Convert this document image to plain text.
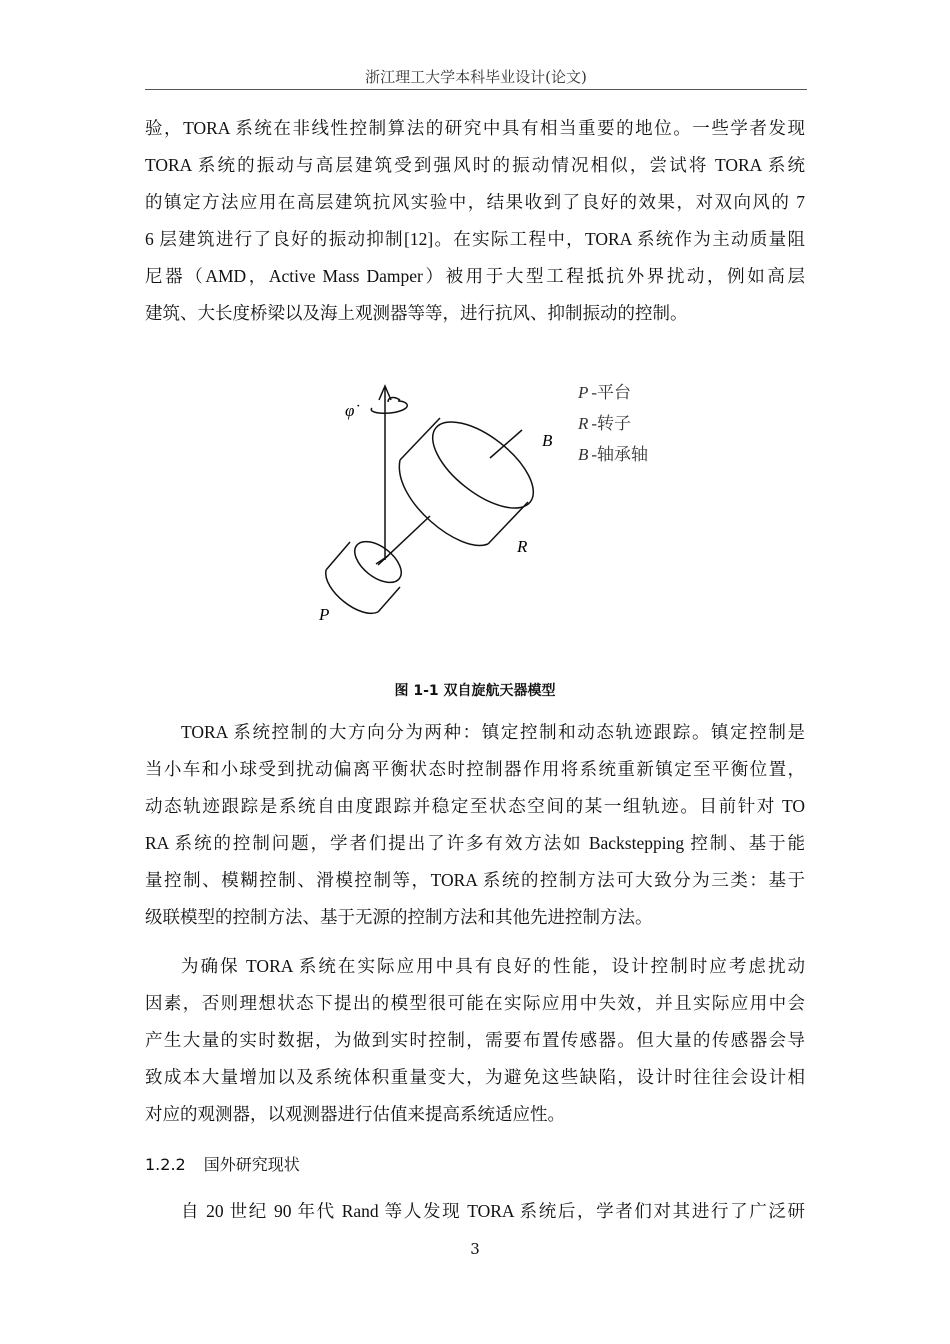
浙江理工大学本科毕业设计(论文)
验，TORA 系统在非线性控制算法的研究中具有相当重要的地位。一些学者发现
TORA 系统的振动与高层建筑受到强风时的振动情况相似，尝试将 TORA 系统
的镇定方法应用在高层建筑抗风实验中，结果收到了良好的效果，对双向风的 7
6 层建筑进行了良好的振动抑制[12]。在实际工程中，TORA 系统作为主动质量阻
尼器（AMD，Active Mass Damper）被用于大型工程抵抗外界扰动，例如高层
建筑、大长度桥梁以及海上观测器等等，进行抗风、抑制振动的控制。
φ̇
B
R
P
P -平台
R -转子
B -轴承轴
图 1-1 双自旋航天器模型
TORA 系统控制的大方向分为两种：镇定控制和动态轨迹跟踪。镇定控制是
当小车和小球受到扰动偏离平衡状态时控制器作用将系统重新镇定至平衡位置，
动态轨迹跟踪是系统自由度跟踪并稳定至状态空间的某一组轨迹。目前针对 TO
RA 系统的控制问题，学者们提出了许多有效方法如 Backstepping 控制、基于能
量控制、模糊控制、滑模控制等，TORA 系统的控制方法可大致分为三类：基于
级联模型的控制方法、基于无源的控制方法和其他先进控制方法。
为确保 TORA 系统在实际应用中具有良好的性能，设计控制时应考虑扰动
因素，否则理想状态下提出的模型很可能在实际应用中失效，并且实际应用中会
产生大量的实时数据，为做到实时控制，需要布置传感器。但大量的传感器会导
致成本大量增加以及系统体积重量变大，为避免这些缺陷，设计时往往会设计相
对应的观测器，以观测器进行估值来提高系统适应性。
1.2.2 国外研究现状
自 20 世纪 90 年代 Rand 等人发现 TORA 系统后，学者们对其进行了广泛研
3
